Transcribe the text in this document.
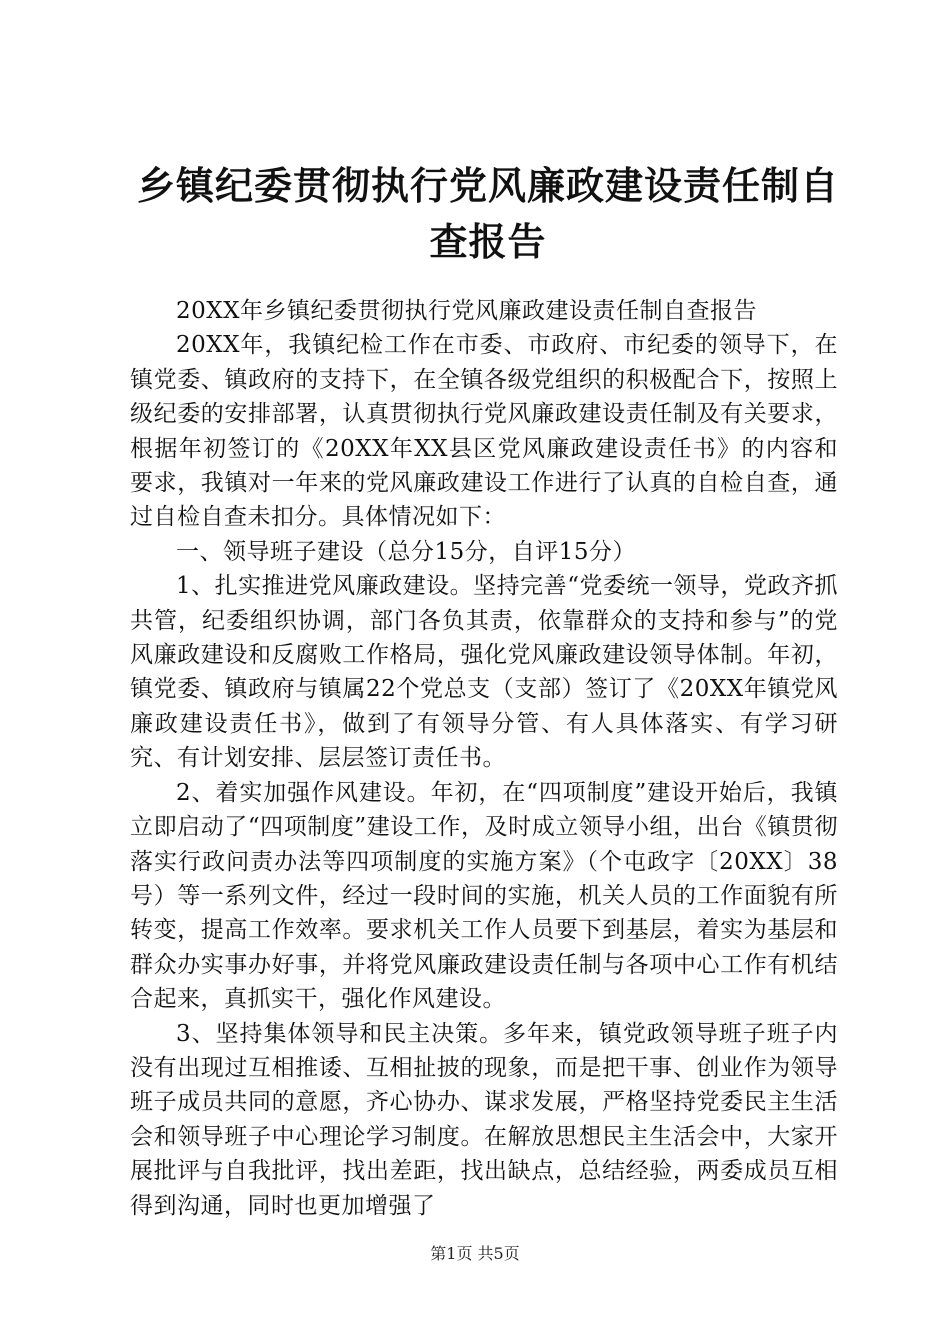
乡镇纪委贯彻执行党风廉政建设责任制自查报告

20XX年乡镇纪委贯彻执行党风廉政建设责任制自查报告

20XX年，我镇纪检工作在市委、市政府、市纪委的领导下，在镇党委、镇政府的支持下，在全镇各级党组织的积极配合下，按照上级纪委的安排部署，认真贯彻执行党风廉政建设责任制及有关要求，根据年初签订的《20XX年XX县区党风廉政建设责任书》的内容和要求，我镇对一年来的党风廉政建设工作进行了认真的自检自查，通过自检自查未扣分。具体情况如下：

一、领导班子建设（总分15分，自评15分）

1、扎实推进党风廉政建设。坚持完善“党委统一领导，党政齐抓共管，纪委组织协调，部门各负其责，依靠群众的支持和参与”的党风廉政建设和反腐败工作格局，强化党风廉政建设领导体制。年初，镇党委、镇政府与镇属22个党总支（支部）签订了《20XX年镇党风廉政建设责任书》，做到了有领导分管、有人具体落实、有学习研究、有计划安排、层层签订责任书。

2、着实加强作风建设。年初，在“四项制度”建设开始后，我镇立即启动了“四项制度”建设工作，及时成立领导小组，出台《镇贯彻落实行政问责办法等四项制度的实施方案》（个屯政字〔20XX〕38号）等一系列文件，经过一段时间的实施，机关人员的工作面貌有所转变，提高工作效率。要求机关工作人员要下到基层，着实为基层和群众办实事办好事，并将党风廉政建设责任制与各项中心工作有机结合起来，真抓实干，强化作风建设。

3、坚持集体领导和民主决策。多年来，镇党政领导班子班子内没有出现过互相推诿、互相扯披的现象，而是把干事、创业作为领导班子成员共同的意愿，齐心协办、谋求发展，严格坚持党委民主生活会和领导班子中心理论学习制度。在解放思想民主生活会中，大家开展批评与自我批评，找出差距，找出缺点，总结经验，两委成员互相得到沟通，同时也更加增强了

第1页 共5页
